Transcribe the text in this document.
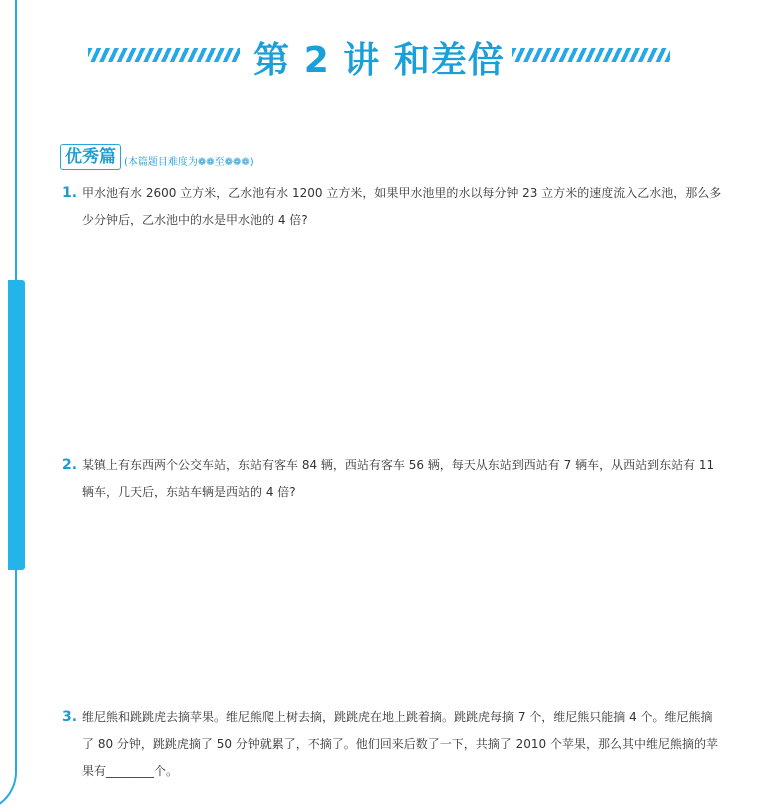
第 2 讲 和差倍
优秀篇 (本篇题目难度为❁❁至❁❁❁)
1. 甲水池有水 2600 立方米，乙水池有水 1200 立方米，如果甲水池里的水以每分钟 23 立方米的速度流入乙水池，那么多少分钟后，乙水池中的水是甲水池的 4 倍?
2. 某镇上有东西两个公交车站，东站有客车 84 辆，西站有客车 56 辆，每天从东站到西站有 7 辆车，从西站到东站有 11 辆车，几天后，东站车辆是西站的 4 倍?
3. 维尼熊和跳跳虎去摘苹果。维尼熊爬上树去摘，跳跳虎在地上跳着摘。跳跳虎每摘 7 个，维尼熊只能摘 4 个。维尼熊摘了 80 分钟，跳跳虎摘了 50 分钟就累了，不摘了。他们回来后数了一下，共摘了 2010 个苹果，那么其中维尼熊摘的苹果有________个。
